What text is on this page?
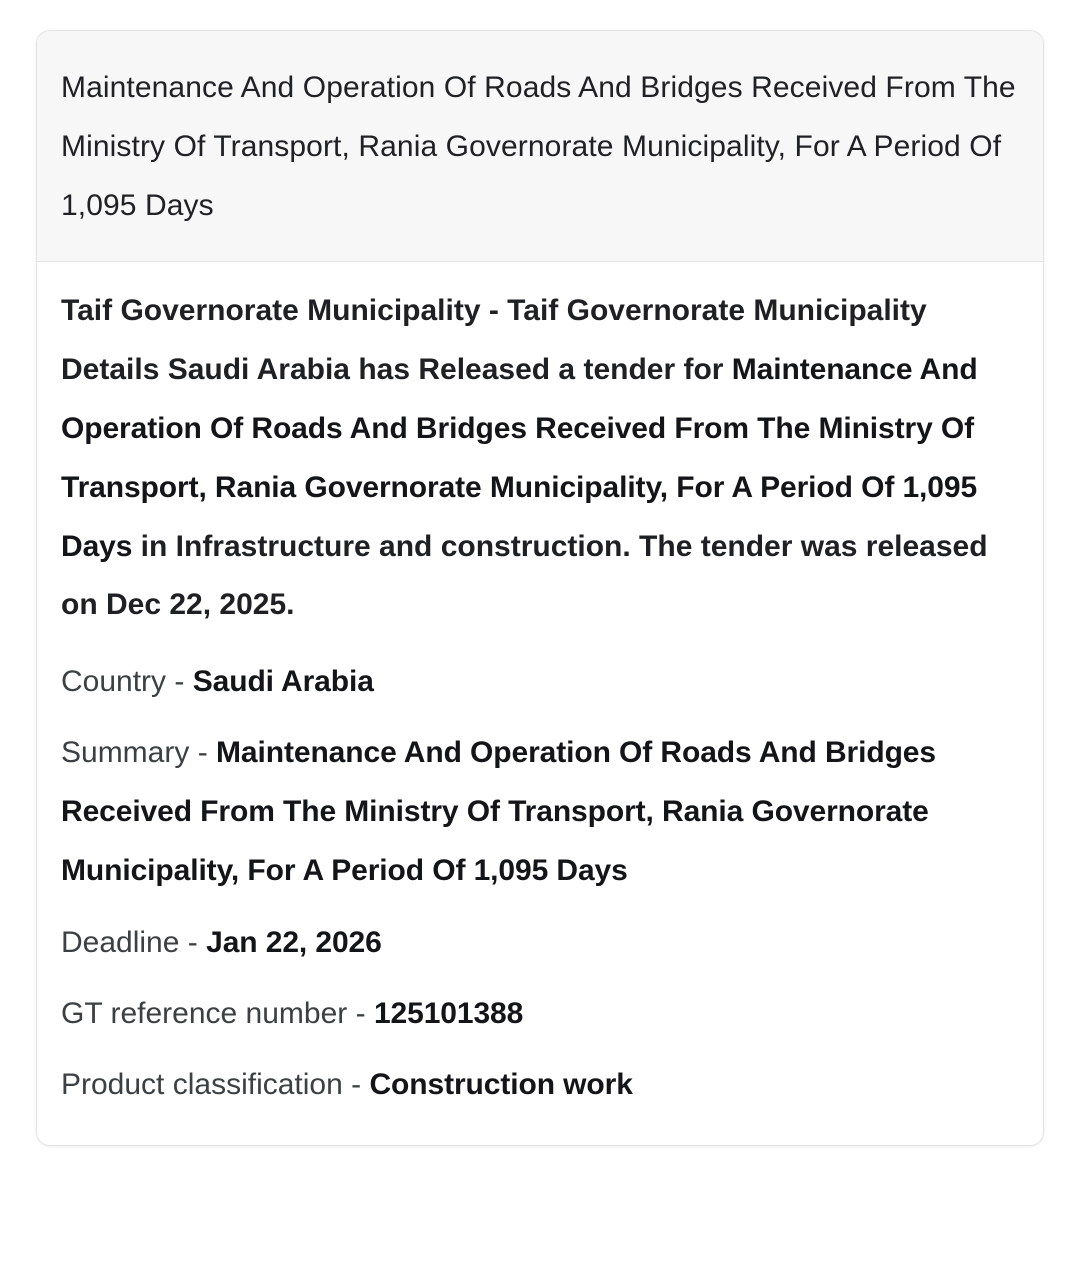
Maintenance And Operation Of Roads And Bridges Received From The Ministry Of Transport, Rania Governorate Municipality, For A Period Of 1,095 Days

Taif Governorate Municipality - Taif Governorate Municipality Details Saudi Arabia has Released a tender for Maintenance And Operation Of Roads And Bridges Received From The Ministry Of Transport, Rania Governorate Municipality, For A Period Of 1,095 Days in Infrastructure and construction. The tender was released on Dec 22, 2025.

Country - Saudi Arabia

Summary - Maintenance And Operation Of Roads And Bridges Received From The Ministry Of Transport, Rania Governorate Municipality, For A Period Of 1,095 Days

Deadline - Jan 22, 2026

GT reference number - 125101388

Product classification - Construction work
